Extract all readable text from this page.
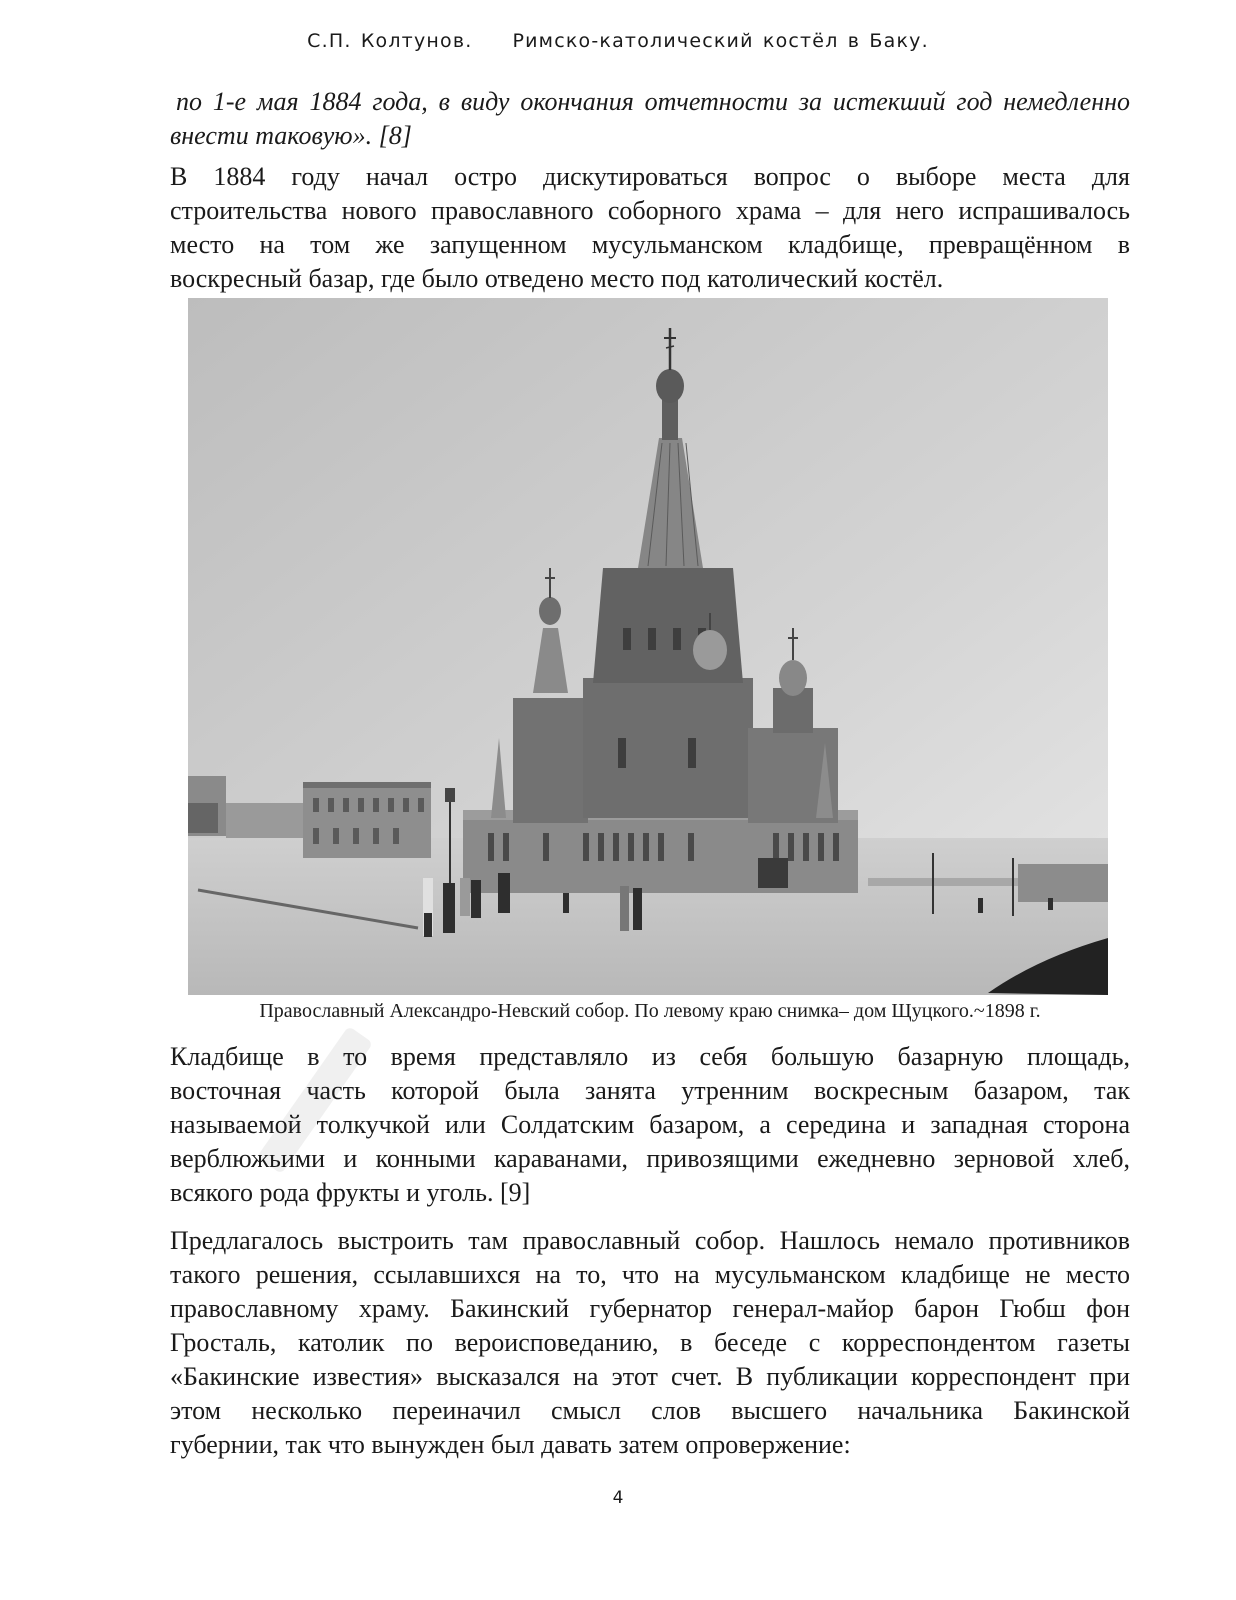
С.П. Колтунов. Римско-католический костёл в Баку.

по 1-е мая 1884 года, в виду окончания отчетности за истекший год немедленно
внести таковую». [8]

В 1884 году начал остро дискутироваться вопрос о выборе места для
строительства нового православного соборного храма – для него испрашивалось
место на том же запущенном мусульманском кладбище, превращённом в
воскресный базар, где было отведено место под католический костёл.

Православный Александро-Невский собор. По левому краю снимка– дом Щуцкого.~1898 г.

Кладбище в то время представляло из себя большую базарную площадь,
восточная часть которой была занята утренним воскресным базаром, так
называемой толкучкой или Солдатским базаром, а середина и западная сторона
верблюжьими и конными караванами, привозящими ежедневно зерновой хлеб,
всякого рода фрукты и уголь. [9]

Предлагалось выстроить там православный собор. Нашлось немало противников
такого решения, ссылавшихся на то, что на мусульманском кладбище не место
православному храму. Бакинский губернатор генерал-майор барон Гюбш фон
Гросталь, католик по вероисповеданию, в беседе с корреспондентом газеты
«Бакинские известия» высказался на этот счет. В публикации корреспондент при
этом несколько переиначил смысл слов высшего начальника Бакинской
губернии, так что вынужден был давать затем опровержение:

4
